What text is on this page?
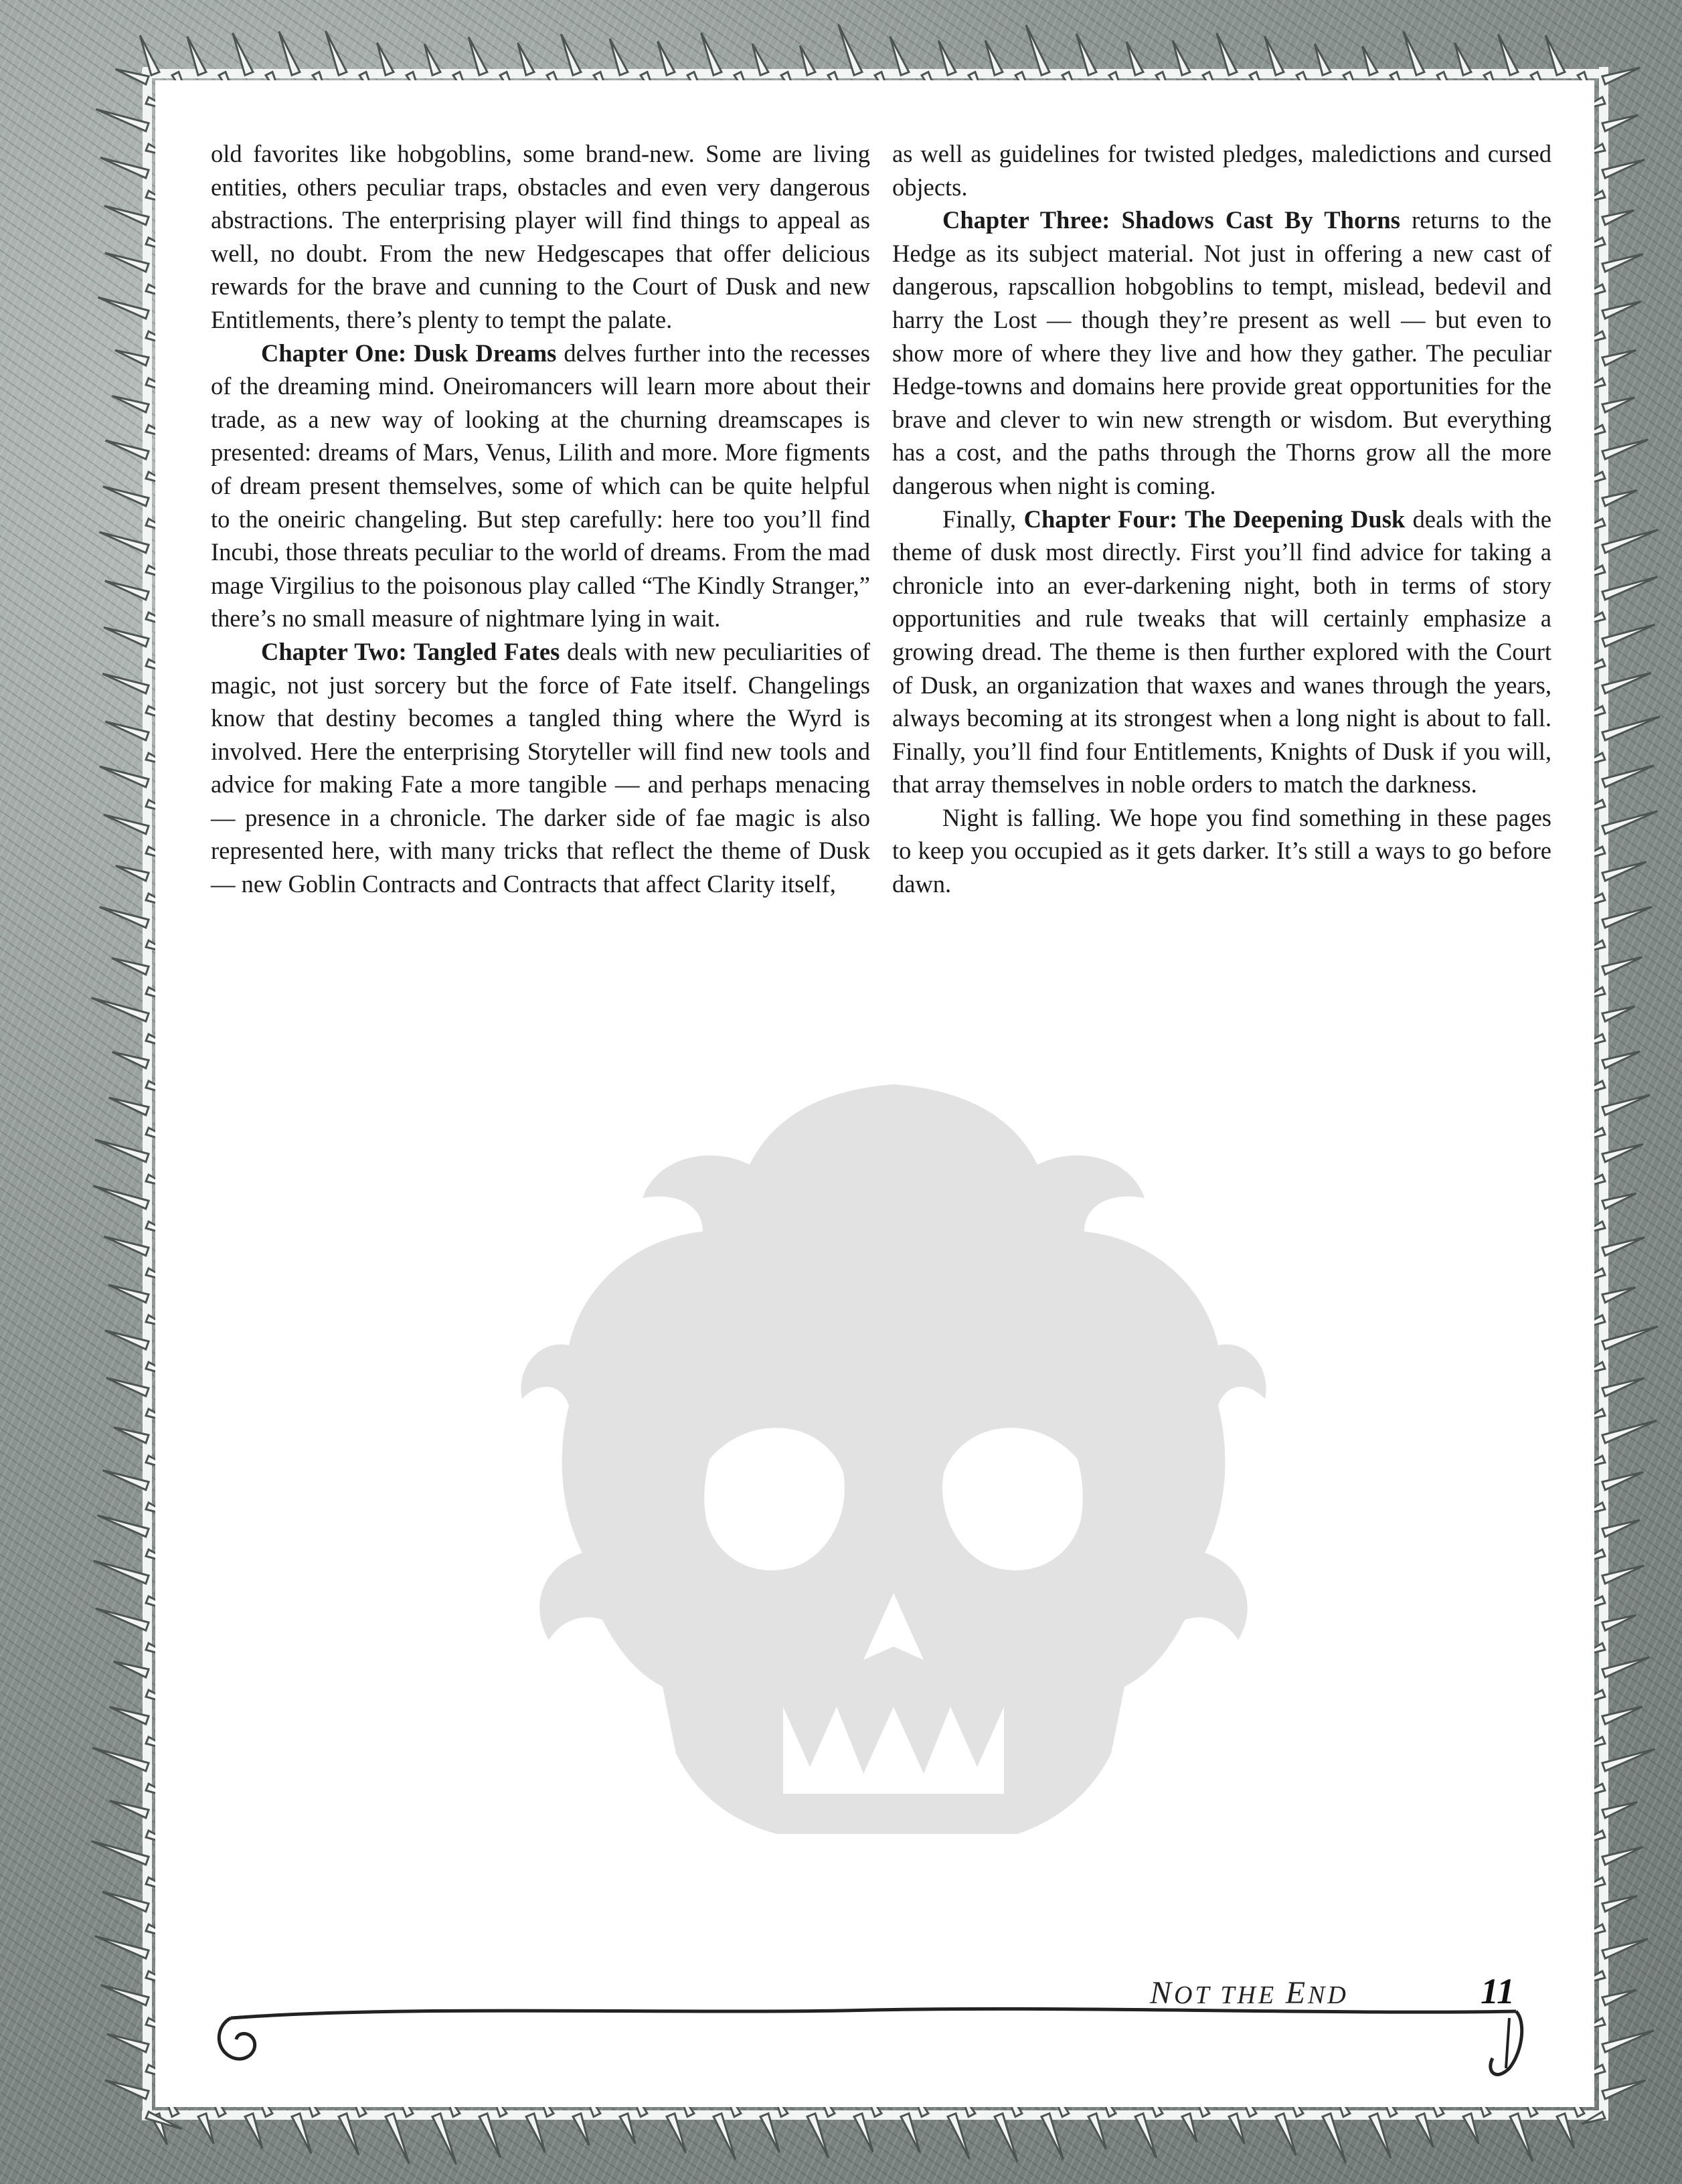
old favorites like hobgoblins, some brand-new. Some are living entities, others peculiar traps, obstacles and even very dangerous abstractions. The enterprising player will find things to appeal as well, no doubt. From the new Hedgescapes that offer delicious rewards for the brave and cunning to the Court of Dusk and new Entitlements, there’s plenty to tempt the palate.

Chapter One: Dusk Dreams delves further into the recesses of the dreaming mind. Oneiromancers will learn more about their trade, as a new way of looking at the churning dreamscapes is presented: dreams of Mars, Venus, Lilith and more. More figments of dream present themselves, some of which can be quite helpful to the oneiric changeling. But step carefully: here too you’ll find Incubi, those threats peculiar to the world of dreams. From the mad mage Virgilius to the poisonous play called “The Kindly Stranger,” there’s no small measure of nightmare lying in wait.

Chapter Two: Tangled Fates deals with new peculiarities of magic, not just sorcery but the force of Fate itself. Changelings know that destiny becomes a tangled thing where the Wyrd is involved. Here the enterprising Storyteller will find new tools and advice for making Fate a more tangible — and perhaps menacing — presence in a chronicle. The darker side of fae magic is also represented here, with many tricks that reflect the theme of Dusk — new Goblin Contracts and Contracts that affect Clarity itself,

as well as guidelines for twisted pledges, maledictions and cursed objects.

Chapter Three: Shadows Cast By Thorns returns to the Hedge as its subject material. Not just in offering a new cast of dangerous, rapscallion hobgoblins to tempt, mislead, bedevil and harry the Lost — though they’re present as well — but even to show more of where they live and how they gather. The peculiar Hedge-towns and domains here provide great opportunities for the brave and clever to win new strength or wisdom. But everything has a cost, and the paths through the Thorns grow all the more dangerous when night is coming.

Finally, Chapter Four: The Deepening Dusk deals with the theme of dusk most directly. First you’ll find advice for taking a chronicle into an ever-darkening night, both in terms of story opportunities and rule tweaks that will certainly emphasize a growing dread. The theme is then further explored with the Court of Dusk, an organization that waxes and wanes through the years, always becoming at its strongest when a long night is about to fall. Finally, you’ll find four Entitlements, Knights of Dusk if you will, that array themselves in noble orders to match the darkness.

Night is falling. We hope you find something in these pages to keep you occupied as it gets darker. It’s still a ways to go before dawn.

NOT THE END	11
